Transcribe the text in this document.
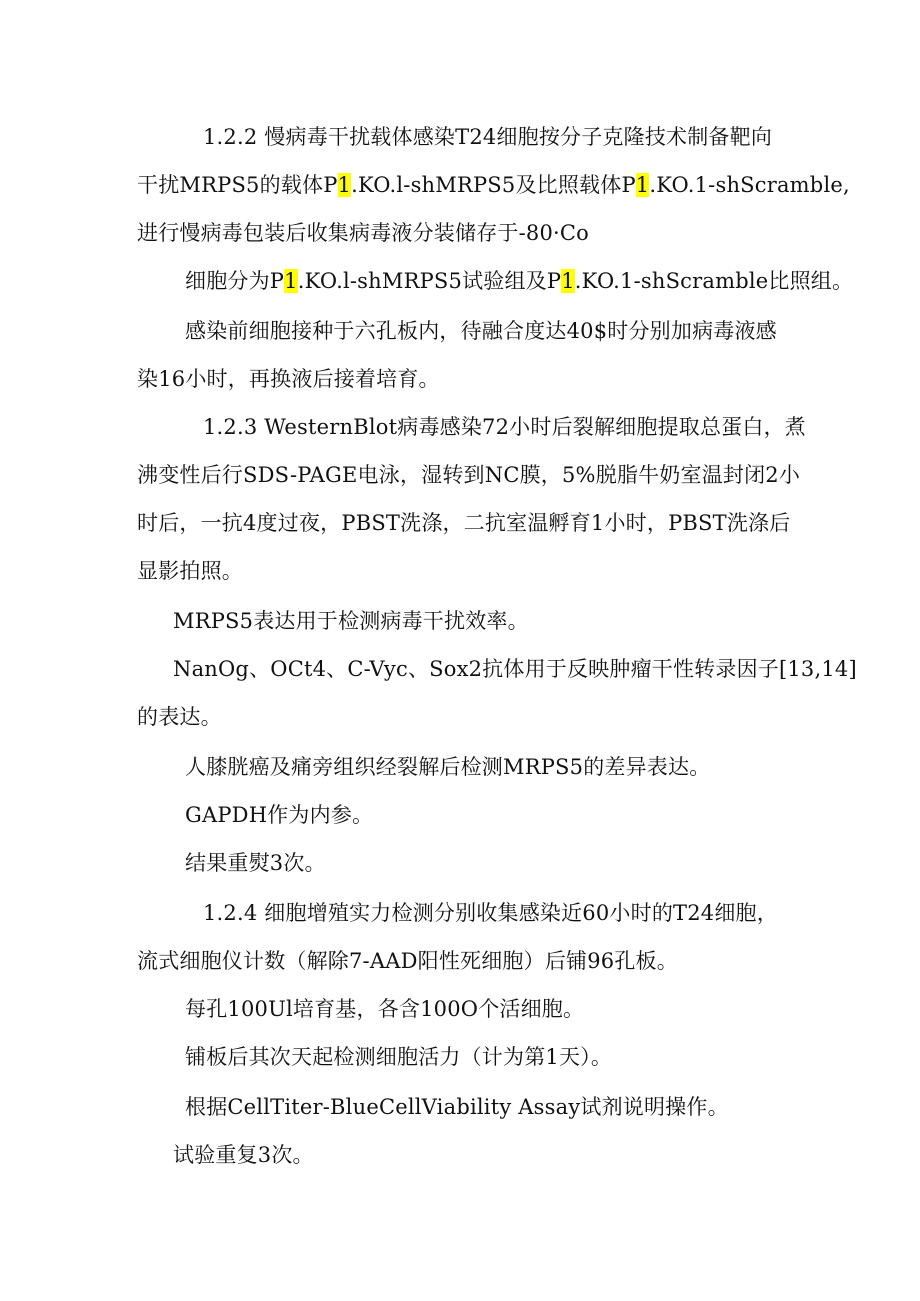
1.2.2 慢病毒干扰载体感染T24细胞按分子克隆技术制备靶向
干扰MRPS5的载体P1.KO.l-shMRPS5及比照载体P1.KO.1-shScramble,
进行慢病毒包装后收集病毒液分装储存于-80·Co
细胞分为P1.KO.l-shMRPS5试验组及P1.KO.1-shScramble比照组。
感染前细胞接种于六孔板内，待融合度达40$时分别加病毒液感
染16小时，再换液后接着培育。
1.2.3 WesternBlot病毒感染72小时后裂解细胞提取总蛋白，煮
沸变性后行SDS-PAGE电泳，湿转到NC膜，5%脱脂牛奶室温封闭2小
时后，一抗4度过夜，PBST洗涤，二抗室温孵育1小时，PBST洗涤后
显影拍照。
MRPS5表达用于检测病毒干扰效率。
NanOg、OCt4、C-Vyc、Sox2抗体用于反映肿瘤干性转录因子[13,14]
的表达。
人膝胱癌及痛旁组织经裂解后检测MRPS5的差异表达。
GAPDH作为内参。
结果重熨3次。
1.2.4 细胞增殖实力检测分别收集感染近60小时的T24细胞，
流式细胞仪计数（解除7-AAD阳性死细胞）后铺96孔板。
每孔100Ul培育基，各含100O个活细胞。
铺板后其次天起检测细胞活力（计为第1天）。
根据CellTiter-BlueCellViability Assay试剂说明操作。
试验重复3次。
